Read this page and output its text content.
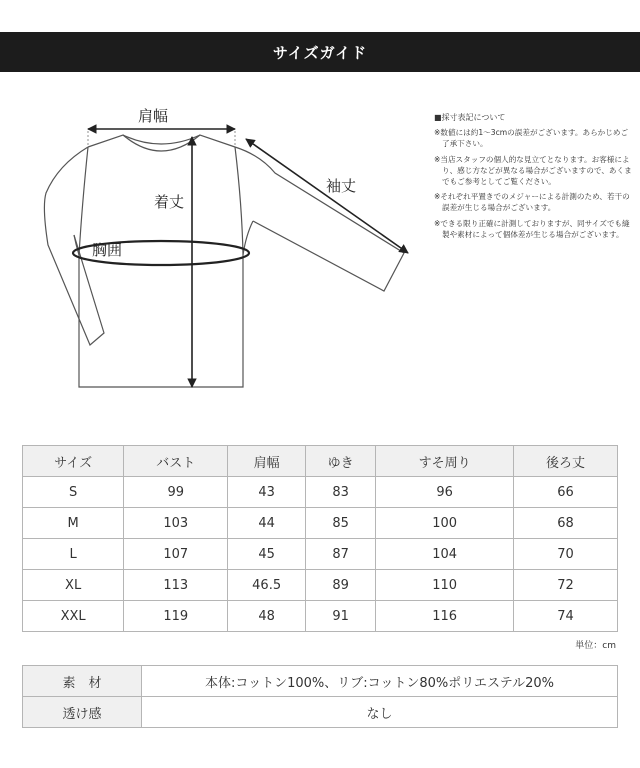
サイズガイド
肩幅
着丈
袖丈
胸囲
■採寸表記について
※数値には約1〜3cmの誤差がございます。あらかじめご了承下さい。
※当店スタッフの個人的な見立てとなります。お客様により、感じ方などが異なる場合がございますので、あくまでもご参考としてご覧ください。
※それぞれ平置きでのメジャーによる計測のため、若干の誤差が生じる場合がございます。
※できる限り正確に計測しておりますが、同サイズでも縫製や素材によって個体差が生じる場合がございます。
サイズ	バスト	肩幅	ゆき	すそ周り	後ろ丈
S	99	43	83	96	66
M	103	44	85	100	68
L	107	45	87	104	70
XL	113	46.5	89	110	72
XXL	119	48	91	116	74
単位：cm
素　材	本体:コットン100%、リブ:コットン80%ポリエステル20%
透け感	なし
